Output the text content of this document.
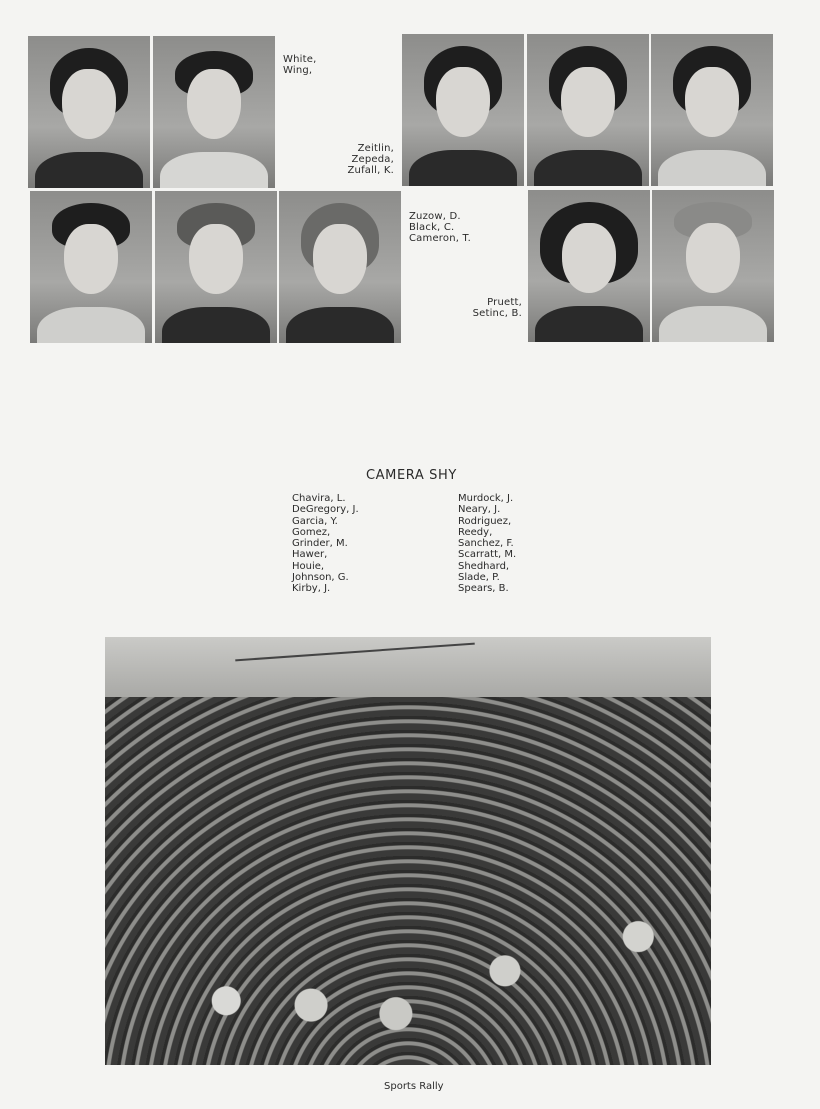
White,
Wing,
Zeitlin,
Zepeda,
Zufall, K.
Zuzow, D.
Black, C.
Cameron, T.
Pruett,
Setinc, B.
CAMERA SHY
Chavira, L.
DeGregory, J.
Garcia, Y.
Gomez,
Grinder, M.
Hawer,
Houie,
Johnson, G.
Kirby, J.
Murdock, J.
Neary, J.
Rodriguez,
Reedy,
Sanchez, F.
Scarratt, M.
Shedhard,
Slade, P.
Spears, B.
Sports Rally
